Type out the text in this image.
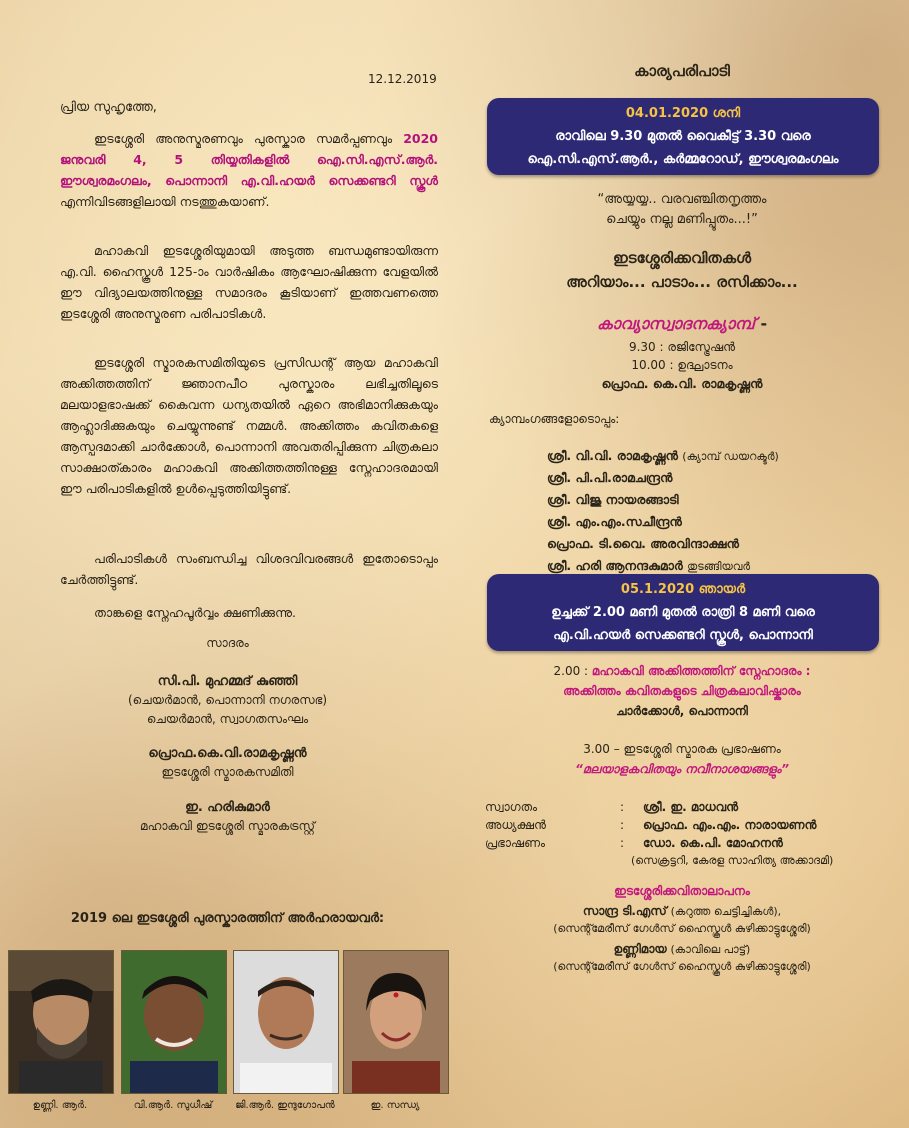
12.12.2019
പ്രിയ സുഹൃത്തേ,

ഇടശ്ശേരി അനുസ്മരണവും പുരസ്കാര സമർപ്പണവും 2020 ജനുവരി 4, 5 തിയ്യതികളിൽ ഐ.സി.എസ്.ആർ. ഈശ്വരമംഗലം, പൊന്നാനി എ.വി.ഹയർ സെക്കണ്ടറി സ്കൂൾ എന്നിവിടങ്ങളിലായി നടത്തുകയാണ്.

മഹാകവി ഇടശ്ശേരിയുമായി അടുത്ത ബന്ധമുണ്ടായിരുന്ന എ.വി. ഹൈസ്കൂൾ 125-ാം വാർഷികം ആഘോഷിക്കുന്ന വേളയിൽ ഈ വിദ്യാലയത്തിനുള്ള സമാദരം കൂടിയാണ് ഇത്തവണത്തെ ഇടശ്ശേരി അനുസ്മരണ പരിപാടികൾ.

ഇടശ്ശേരി സ്മാരകസമിതിയുടെ പ്രസിഡന്റ് ആയ മഹാകവി അക്കിത്തത്തിന് ജ്ഞാനപീഠ പുരസ്കാരം ലഭിച്ചതിലൂടെ മലയാളഭാഷക്ക് കൈവന്ന ധന്യതയിൽ ഏറെ അഭിമാനിക്കുകയും ആഹ്ലാദിക്കുകയും ചെയ്യുന്നുണ്ട് നമ്മൾ. അക്കിത്തം കവിതകളെ ആസ്പദമാക്കി ചാർക്കോൾ, പൊന്നാനി അവതരിപ്പിക്കുന്ന ചിത്രകലാ സാക്ഷാത്കാരം മഹാകവി അക്കിത്തത്തിനുള്ള സ്നേഹാദരമായി ഈ പരിപാടികളിൽ ഉൾപ്പെടുത്തിയിട്ടുണ്ട്.

പരിപാടികൾ സംബന്ധിച്ച വിശദവിവരങ്ങൾ ഇതോടൊപ്പം ചേർത്തിട്ടുണ്ട്.

താങ്കളെ സ്നേഹപൂർവ്വം ക്ഷണിക്കുന്നു.

സാദരം
സി.പി. മുഹമ്മദ് കുഞ്ഞി
(ചെയർമാൻ, പൊന്നാനി നഗരസഭ)
ചെയർമാൻ, സ്വാഗതസംഘം
പ്രൊഫ.കെ.വി.രാമകൃഷ്ണൻ
ഇടശ്ശേരി സ്മാരകസമിതി
ഇ. ഹരികുമാർ
മഹാകവി ഇടശ്ശേരി സ്മാരകട്രസ്റ്റ്
2019 ലെ ഇടശ്ശേരി പുരസ്കാരത്തിന് അർഹരായവർ:
ഉണ്ണി. ആർ.	വി.ആർ. സുധീഷ്	ജി.ആർ. ഇന്ദുഗോപൻ	ഇ. സന്ധ്യ
കാര്യപരിപാടി
04.01.2020 ശനി
രാവിലെ 9.30 മുതൽ വൈകീട്ട് 3.30 വരെ
ഐ.സി.എസ്.ആർ., കർമ്മറോഡ്, ഈശ്വരമംഗലം
“അയ്യയ്യ.. വരവഞ്ചിതനൃത്തം
ചെയ്യും നല്ല മണിപ്പൂതം...!”
ഇടശ്ശേരിക്കവിതകൾ
അറിയാം... പാടാം... രസിക്കാം...
കാവ്യാസ്വാദനക്യാമ്പ് -
9.30 : രജിസ്ട്രേഷൻ
10.00 : ഉദ്ഘാടനം
പ്രൊഫ. കെ.വി. രാമകൃഷ്ണൻ
ക്യാമ്പംഗങ്ങളോടൊപ്പം:
ശ്രീ. വി.വി. രാമകൃഷ്ണൻ (ക്യാമ്പ് ഡയറക്ടർ)
ശ്രീ. പി.പി.രാമചന്ദ്രൻ
ശ്രീ. വിജു നായരങ്ങാടി
ശ്രീ. എം.എം.സചീന്ദ്രൻ
പ്രൊഫ. ടി.വൈ. അരവിന്ദാക്ഷൻ
ശ്രീ. ഹരി ആനന്ദകുമാർ തുടങ്ങിയവർ
05.1.2020 ഞായർ
ഉച്ചക്ക് 2.00 മണി മുതൽ രാത്രി 8 മണി വരെ
എ.വി.ഹയർ സെക്കണ്ടറി സ്കൂൾ, പൊന്നാനി
2.00 : മഹാകവി അക്കിത്തത്തിന് സ്നേഹാദരം :
അക്കിത്തം കവിതകളുടെ ചിത്രകലാവിഷ്കാരം
ചാർക്കോൾ, പൊന്നാനി
3.00 – ഇടശ്ശേരി സ്മാരക പ്രഭാഷണം
“മലയാളകവിതയും നവീനാശയങ്ങളും”
സ്വാഗതം	: ശ്രീ. ഇ. മാധവൻ
അധ്യക്ഷൻ	: പ്രൊഫ. എം.എം. നാരായണൻ
പ്രഭാഷണം	: ഡോ. കെ.പി. മോഹനൻ
(സെക്രട്ടറി, കേരള സാഹിത്യ അക്കാദമി)
ഇടശ്ശേരിക്കവിതാലാപനം
സാന്ദ്ര ടി.എസ് (കറുത്ത ചെട്ടിച്ചികൾ),
(സെന്റ്മേരീസ് ഗേൾസ് ഹൈസ്കൂൾ കുഴിക്കാട്ടുശ്ശേരി)
ഉണ്ണിമായ (കാവിലെ പാട്ട്)
(സെന്റ്മേരീസ് ഗേൾസ് ഹൈസ്കൂൾ കുഴിക്കാട്ടുശ്ശേരി)
